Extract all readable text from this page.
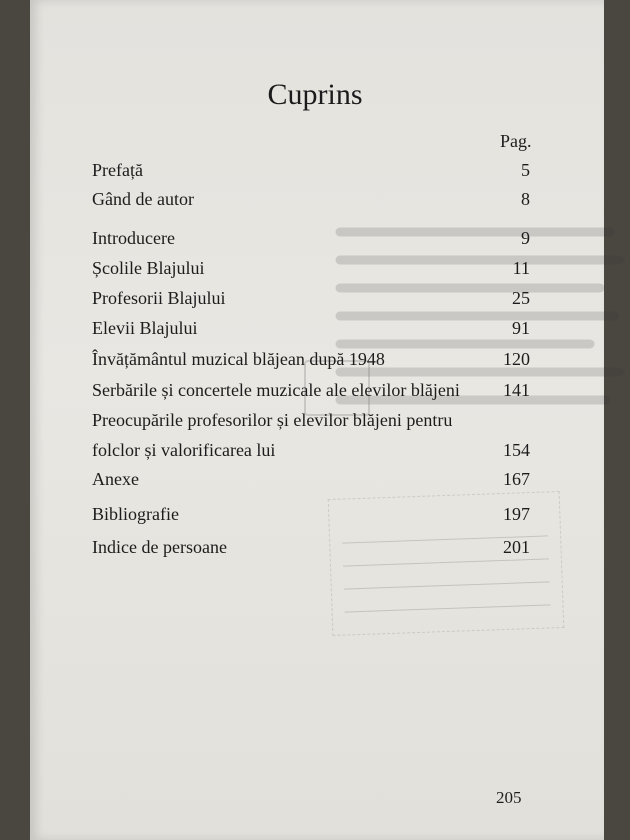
Cuprins
Pag.
Prefață	5
Gând de autor	8
Introducere	9
Școlile Blajului	11
Profesorii Blajului	25
Elevii Blajului	91
Învățământul muzical blăjean după 1948	120
Serbările și concertele muzicale ale elevilor blăjeni 141
Preocupările profesorilor și elevilor blăjeni pentru
folclor și valorificarea lui	154
Anexe	167
Bibliografie	197
Indice de persoane	201
205
